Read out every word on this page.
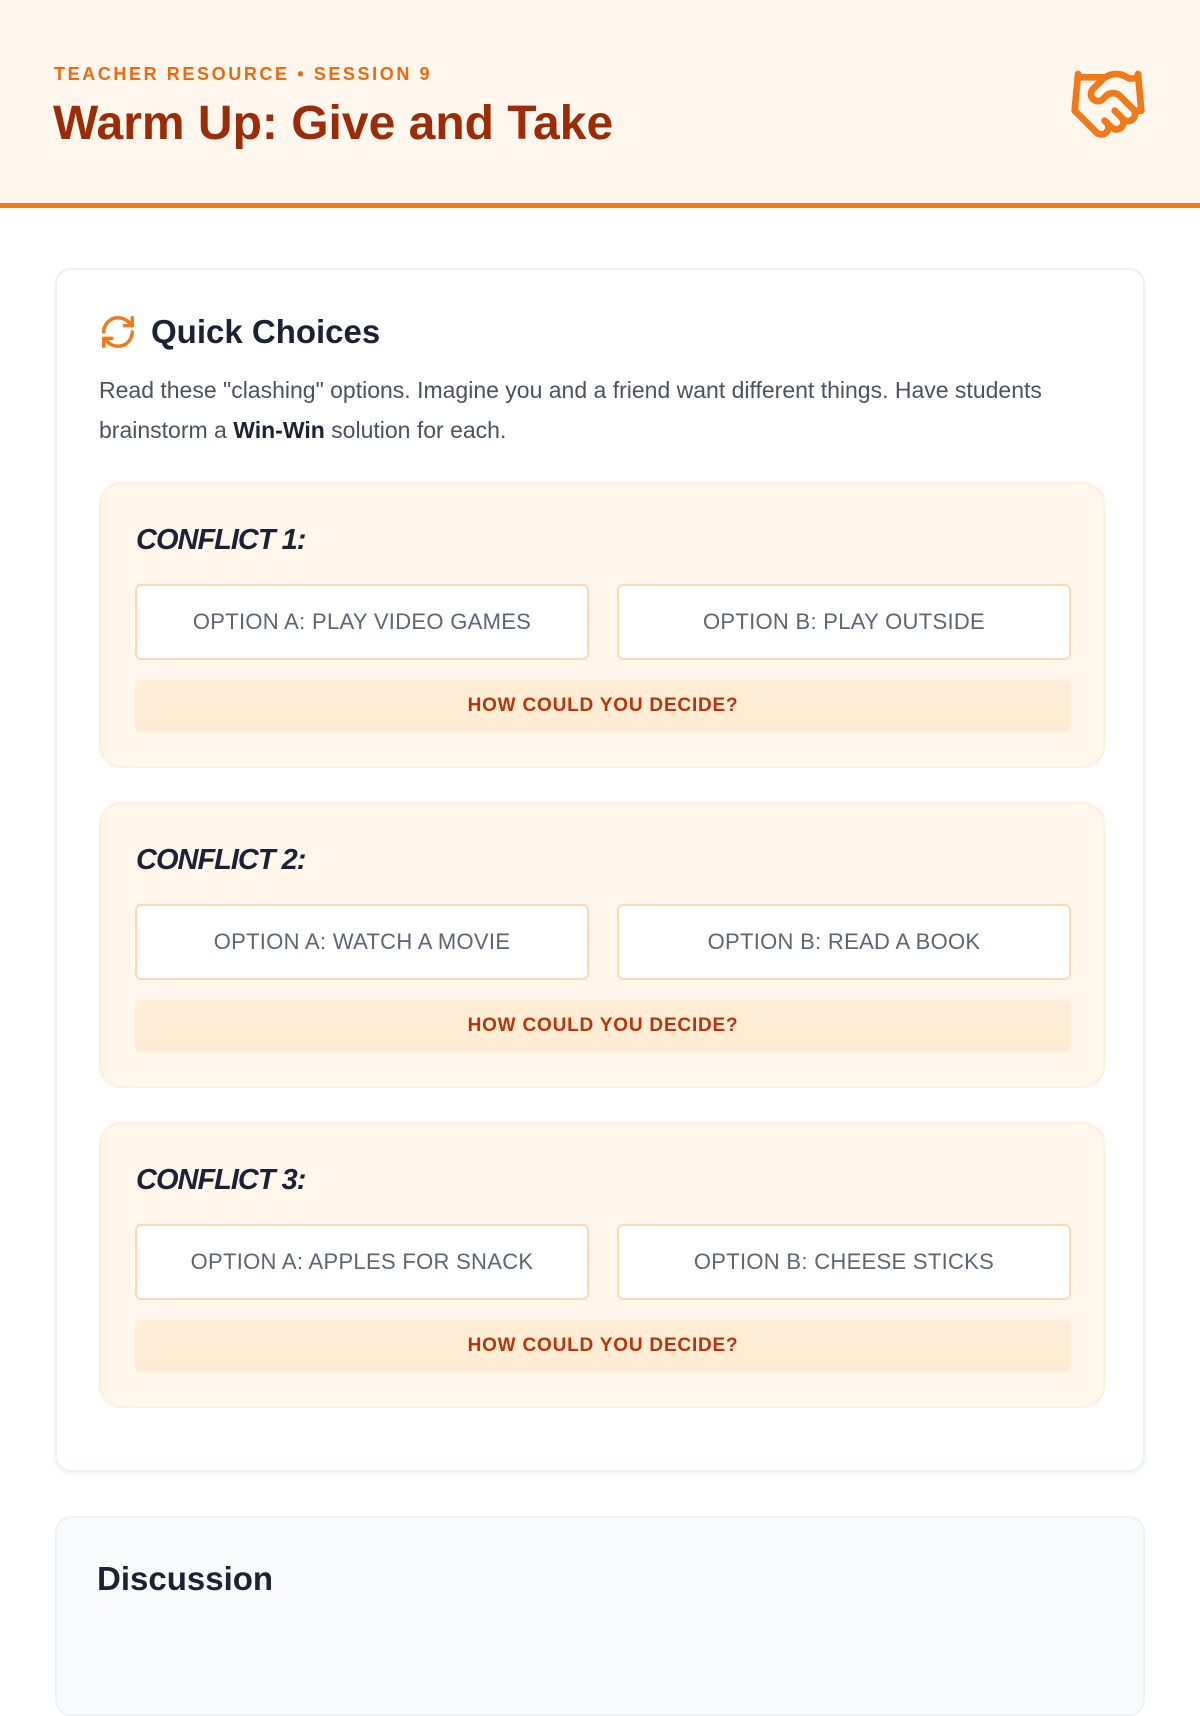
TEACHER RESOURCE • SESSION 9
Warm Up: Give and Take
Quick Choices

Read these "clashing" options. Imagine you and a friend want different things. Have students brainstorm a Win-Win solution for each.

CONFLICT 1:
OPTION A: PLAY VIDEO GAMES	OPTION B: PLAY OUTSIDE
HOW COULD YOU DECIDE?
CONFLICT 2:
OPTION A: WATCH A MOVIE	OPTION B: READ A BOOK
HOW COULD YOU DECIDE?
CONFLICT 3:
OPTION A: APPLES FOR SNACK	OPTION B: CHEESE STICKS
HOW COULD YOU DECIDE?
Discussion
